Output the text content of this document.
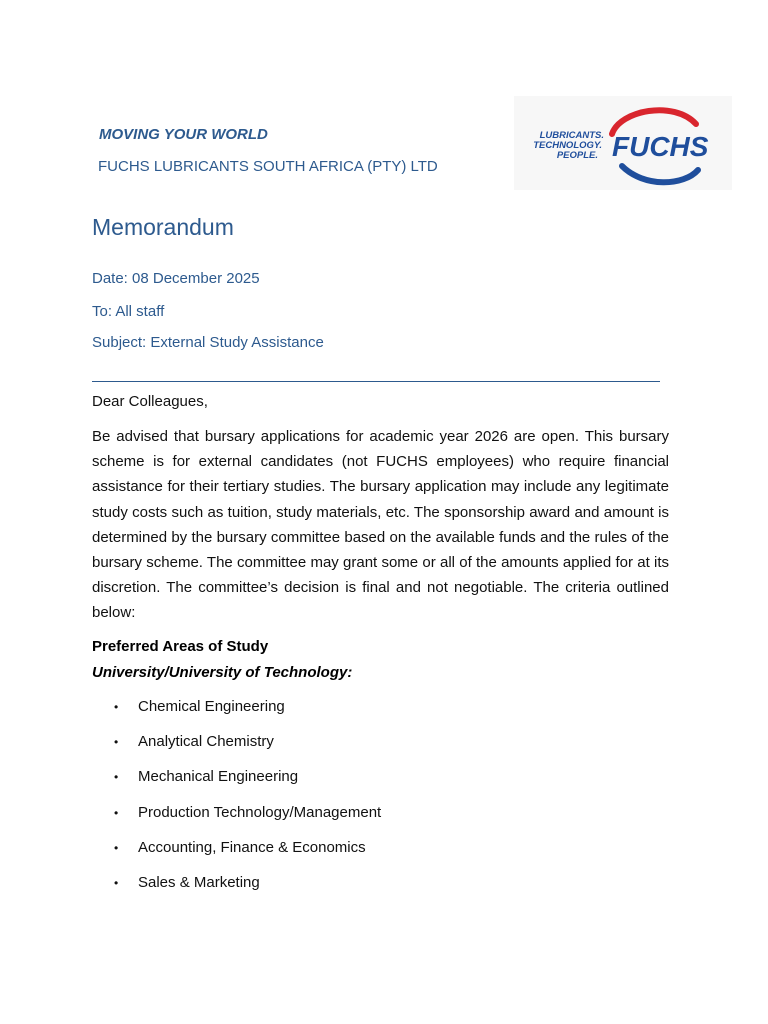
MOVING YOUR WORLD
FUCHS LUBRICANTS SOUTH AFRICA (PTY) LTD
LUBRICANTS.
TECHNOLOGY.
PEOPLE. FUCHS
Memorandum
Date: 08 December 2025
To: All staff
Subject: External Study Assistance
Dear Colleagues,

Be advised that bursary applications for academic year 2026 are open. This bursary scheme is for external candidates (not FUCHS employees) who require financial assistance for their tertiary studies. The bursary application may include any legitimate study costs such as tuition, study materials, etc. The sponsorship award and amount is determined by the bursary committee based on the available funds and the rules of the bursary scheme. The committee may grant some or all of the amounts applied for at its discretion. The committee’s decision is final and not negotiable. The criteria outlined below:

Preferred Areas of Study
University/University of Technology:
• Chemical Engineering
• Analytical Chemistry
• Mechanical Engineering
• Production Technology/Management
• Accounting, Finance & Economics
• Sales & Marketing
